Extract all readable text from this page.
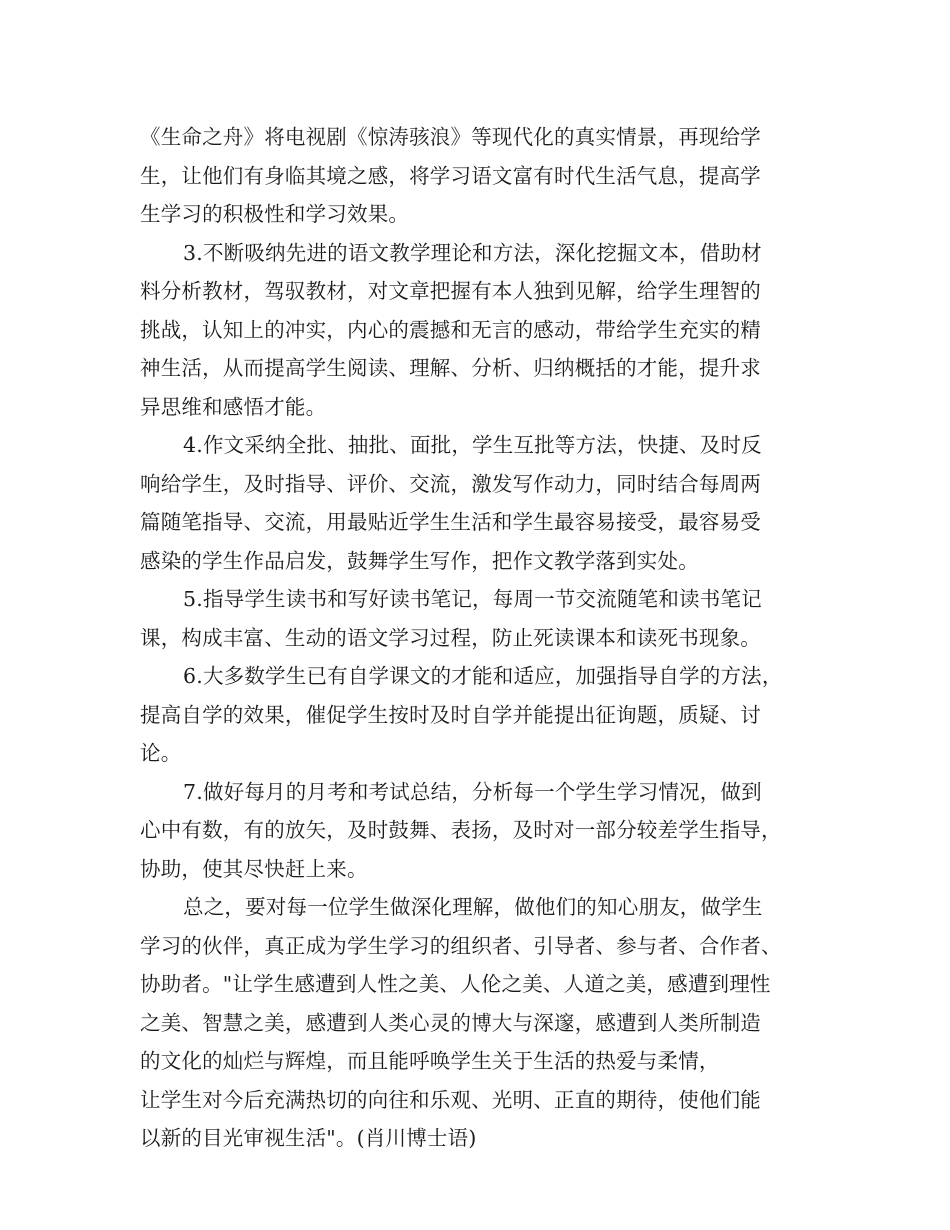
《生命之舟》将电视剧《惊涛骇浪》等现代化的真实情景，再现给学
生，让他们有身临其境之感，将学习语文富有时代生活气息，提高学
生学习的积极性和学习效果。

3.不断吸纳先进的语文教学理论和方法，深化挖掘文本，借助材
料分析教材，驾驭教材，对文章把握有本人独到见解，给学生理智的
挑战，认知上的冲实，内心的震撼和无言的感动，带给学生充实的精
神生活，从而提高学生阅读、理解、分析、归纳概括的才能，提升求
异思维和感悟才能。

4.作文采纳全批、抽批、面批，学生互批等方法，快捷、及时反
响给学生，及时指导、评价、交流，激发写作动力，同时结合每周两
篇随笔指导、交流，用最贴近学生生活和学生最容易接受，最容易受
感染的学生作品启发，鼓舞学生写作，把作文教学落到实处。

5.指导学生读书和写好读书笔记，每周一节交流随笔和读书笔记
课，构成丰富、生动的语文学习过程，防止死读课本和读死书现象。

6.大多数学生已有自学课文的才能和适应，加强指导自学的方法，
提高自学的效果，催促学生按时及时自学并能提出征询题，质疑、讨
论。

7.做好每月的月考和考试总结，分析每一个学生学习情况，做到
心中有数，有的放矢，及时鼓舞、表扬，及时对一部分较差学生指导，
协助，使其尽快赶上来。

总之，要对每一位学生做深化理解，做他们的知心朋友，做学生
学习的伙伴，真正成为学生学习的组织者、引导者、参与者、合作者、
协助者。"让学生感遭到人性之美、人伦之美、人道之美，感遭到理性
之美、智慧之美，感遭到人类心灵的博大与深邃，感遭到人类所制造
的文化的灿烂与辉煌，而且能呼唤学生关于生活的热爱与柔情，
让学生对今后充满热切的向往和乐观、光明、正直的期待，使他们能
以新的目光审视生活"。(肖川博士语)
